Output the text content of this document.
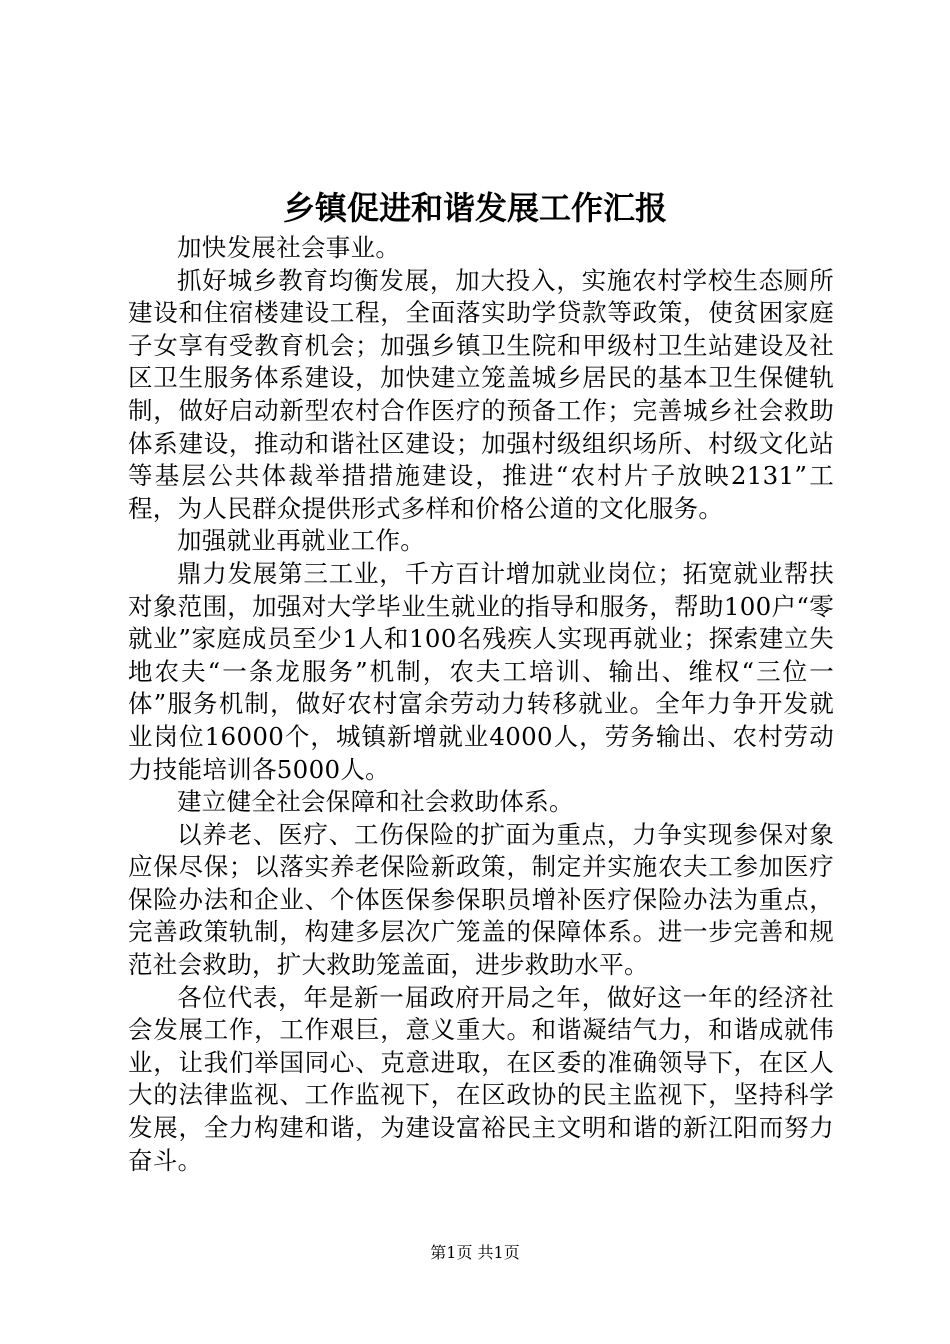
乡镇促进和谐发展工作汇报

加快发展社会事业。

抓好城乡教育均衡发展，加大投入，实施农村学校生态厕所建设和住宿楼建设工程，全面落实助学贷款等政策，使贫困家庭子女享有受教育机会；加强乡镇卫生院和甲级村卫生站建设及社区卫生服务体系建设，加快建立笼盖城乡居民的基本卫生保健轨制，做好启动新型农村合作医疗的预备工作；完善城乡社会救助体系建设，推动和谐社区建设；加强村级组织场所、村级文化站等基层公共体裁举措措施建设，推进“农村片子放映2131”工程，为人民群众提供形式多样和价格公道的文化服务。

加强就业再就业工作。

鼎力发展第三工业，千方百计增加就业岗位；拓宽就业帮扶对象范围，加强对大学毕业生就业的指导和服务，帮助100户“零就业”家庭成员至少1人和100名残疾人实现再就业；探索建立失地农夫“一条龙服务”机制，农夫工培训、输出、维权“三位一体”服务机制，做好农村富余劳动力转移就业。全年力争开发就业岗位16000个，城镇新增就业4000人，劳务输出、农村劳动力技能培训各5000人。

建立健全社会保障和社会救助体系。

以养老、医疗、工伤保险的扩面为重点，力争实现参保对象应保尽保；以落实养老保险新政策，制定并实施农夫工参加医疗保险办法和企业、个体医保参保职员增补医疗保险办法为重点，完善政策轨制，构建多层次广笼盖的保障体系。进一步完善和规范社会救助，扩大救助笼盖面，进步救助水平。

各位代表，年是新一届政府开局之年，做好这一年的经济社会发展工作，工作艰巨，意义重大。和谐凝结气力，和谐成就伟业，让我们举国同心、克意进取，在区委的准确领导下，在区人大的法律监视、工作监视下，在区政协的民主监视下，坚持科学发展，全力构建和谐，为建设富裕民主文明和谐的新江阳而努力奋斗。

第1页 共1页
